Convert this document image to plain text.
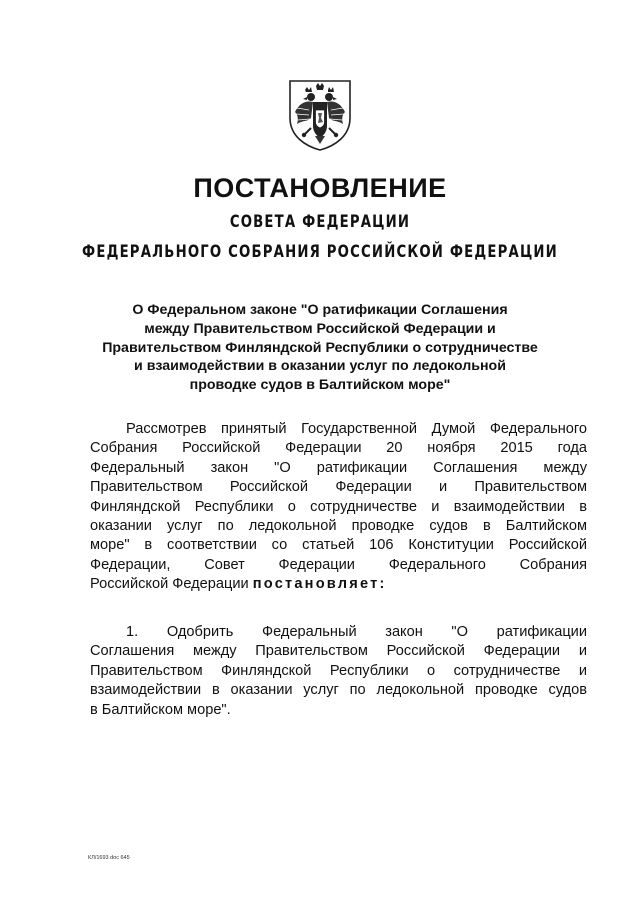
ПОСТАНОВЛЕНИЕ
СОВЕТА ФЕДЕРАЦИИ
ФЕДЕРАЛЬНОГО СОБРАНИЯ РОССИЙСКОЙ ФЕДЕРАЦИИ

О Федеральном законе "О ратификации Соглашения
между Правительством Российской Федерации и
Правительством Финляндской Республики о сотрудничестве
и взаимодействии в оказании услуг по ледокольной
проводке судов в Балтийском море"

Рассмотрев принятый Государственной Думой Федерального
Собрания Российской Федерации 20 ноября 2015 года
Федеральный закон "О ратификации Соглашения между
Правительством Российской Федерации и Правительством
Финляндской Республики о сотрудничестве и взаимодействии в
оказании услуг по ледокольной проводке судов в Балтийском
море" в соответствии со статьей 106 Конституции Российской
Федерации, Совет Федерации Федерального Собрания
Российской Федерации постановляет:

1. Одобрить Федеральный закон "О ратификации
Соглашения между Правительством Российской Федерации и
Правительством Финляндской Республики о сотрудничестве и
взаимодействии в оказании услуг по ледокольной проводке судов
в Балтийском море".

КЛ/1693 doc 645
